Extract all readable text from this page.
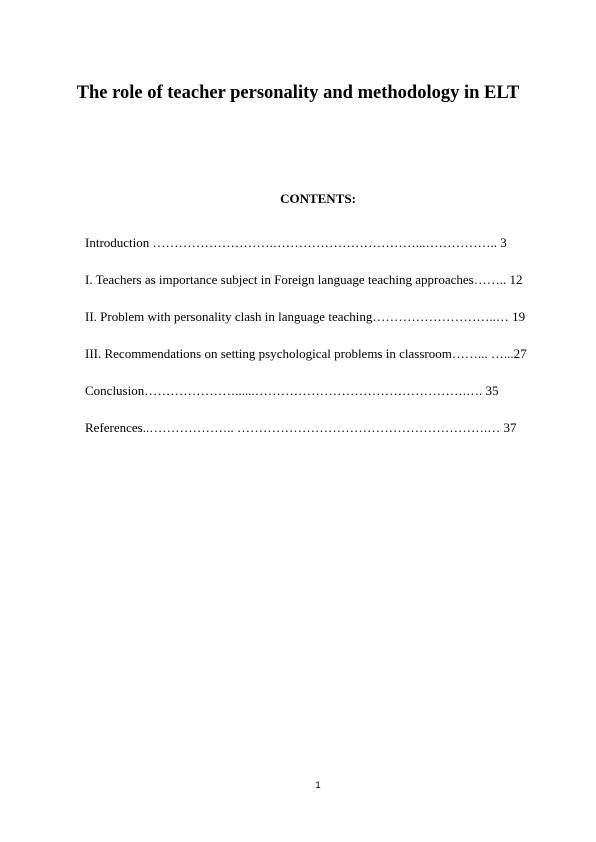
The role of teacher personality and methodology in ELT
CONTENTS:
Introduction ……………………….……………………………...…………….. 3
I. Teachers as importance subject in Foreign language teaching approaches…….. 12
II. Problem with personality clash in language teaching………………………..… 19
III. Recommendations on setting psychological problems in classroom……... …...27
Conclusion…………………......………………………………………….…. 35
References..……………….. ………………………………………………….… 37
1
